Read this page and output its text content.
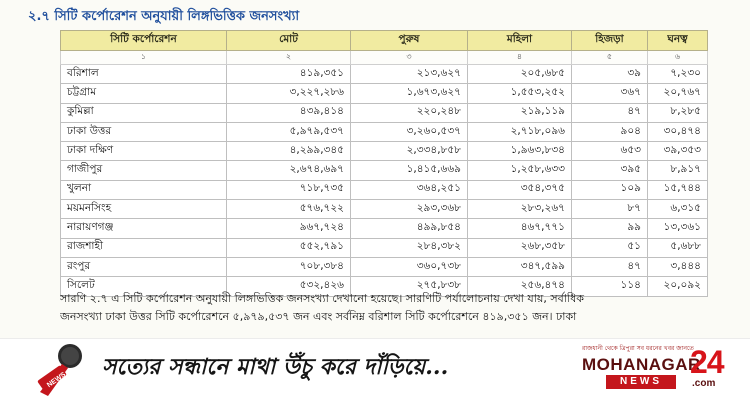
২.৭ সিটি কর্পোরেশন অনুযায়ী লিঙ্গভিত্তিক জনসংখ্যা
সিটি কর্পোরেশন	মোট	পুরুষ	মহিলা	হিজড়া	ঘনত্ব
১	২	৩	৪	৫	৬
বরিশাল	৪১৯,৩৫১	২১৩,৬২৭	২০৫,৬৮৫	৩৯	৭,২৩০
চট্টগ্রাম	৩,২২৭,২৮৬	১,৬৭৩,৬২৭	১,৫৫৩,২৫২	৩৬৭	২০,৭৬৭
কুমিল্লা	৪৩৯,৪১৪	২২০,২৪৮	২১৯,১১৯	৪৭	৮,২৮৫
ঢাকা উত্তর	৫,৯৭৯,৫৩৭	৩,২৬০,৫৩৭	২,৭১৮,০৯৬	৯০৪	৩০,৪৭৪
ঢাকা দক্ষিণ	৪,২৯৯,৩৪৫	২,৩৩৪,৮৫৮	১,৯৬৩,৮৩৪	৬৫৩	৩৯,৩৫৩
গাজীপুর	২,৬৭৪,৬৯৭	১,৪১৫,৬৬৯	১,২৫৮,৬৩৩	৩৯৫	৮,৯১৭
খুলনা	৭১৮,৭৩৫	৩৬৪,২৫১	৩৫৪,৩৭৫	১০৯	১৫,৭৪৪
ময়মনসিংহ	৫৭৬,৭২২	২৯৩,৩৬৮	২৮৩,২৬৭	৮৭	৬,৩১৫
নারায়ণগঞ্জ	৯৬৭,৭২৪	৪৯৯,৮৫৪	৪৬৭,৭৭১	৯৯	১৩,৩৬১
রাজশাহী	৫৫২,৭৯১	২৮৪,৩৮২	২৬৮,৩৫৮	৫১	৫,৬৮৮
রংপুর	৭০৮,৩৮৪	৩৬০,৭৩৮	৩৪৭,৫৯৯	৪৭	৩,৪৪৪
সিলেট	৫৩২,৪২৬	২৭৫,৮৩৮	২৫৬,৪৭৪	১১৪	২০,০৯২
সারণি ২.৭ এ সিটি কর্পোরেশন অনুযায়ী লিঙ্গভিত্তিক জনসংখ্যা দেখানো হয়েছে। সারণিটি পর্যালোচনায় দেখা যায়, সর্বাধিক
জনসংখ্যা ঢাকা উত্তর সিটি কর্পোরেশনে ৫,৯৭৯,৫৩৭ জন এবং সর্বনিম্ন বরিশাল সিটি কর্পোরেশনে ৪১৯,৩৫১ জন। ঢাকা
NEWS
সত্যের সন্ধানে মাথা উঁচু করে দাঁড়িয়ে...
রাজধানী থেকে ত্রিপুরা সব ধরনের খবর জানতে
MOHANAGAR
NEWS
24
.com
